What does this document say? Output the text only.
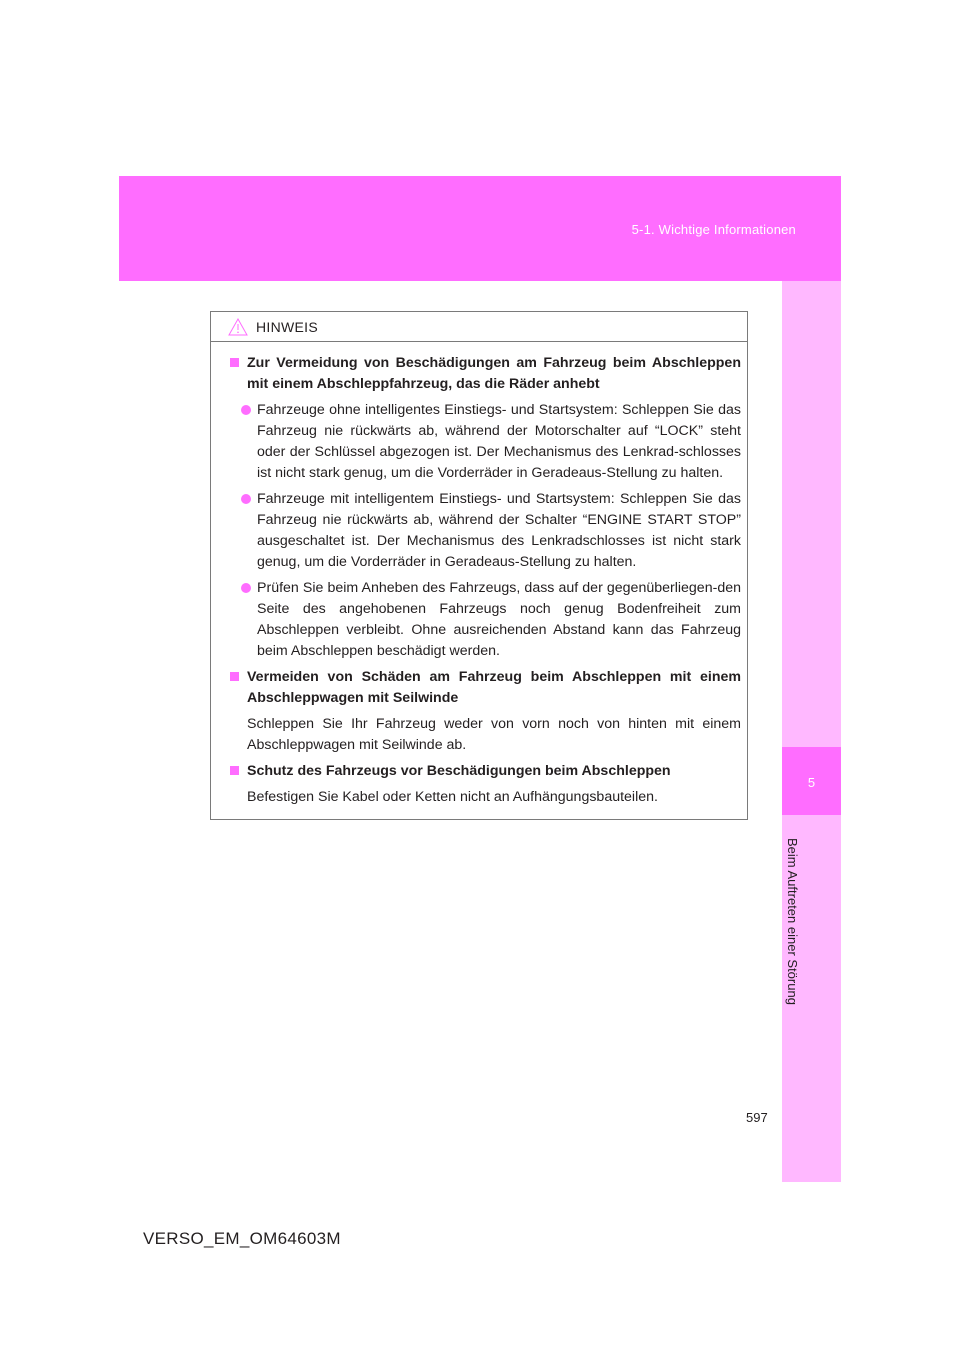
5-1. Wichtige Informationen
5
Beim Auftreten einer Störung
HINWEIS
Zur Vermeidung von Beschädigungen am Fahrzeug beim Abschleppen mit einem Abschleppfahrzeug, das die Räder anhebt
Fahrzeuge ohne intelligentes Einstiegs- und Startsystem: Schleppen Sie das Fahrzeug nie rückwärts ab, während der Motorschalter auf “LOCK” steht oder der Schlüssel abgezogen ist. Der Mechanismus des Lenkrad-schlosses ist nicht stark genug, um die Vorderräder in Geradeaus-Stellung zu halten.
Fahrzeuge mit intelligentem Einstiegs- und Startsystem: Schleppen Sie das Fahrzeug nie rückwärts ab, während der Schalter “ENGINE START STOP” ausgeschaltet ist. Der Mechanismus des Lenkradschlosses ist nicht stark genug, um die Vorderräder in Geradeaus-Stellung zu halten.
Prüfen Sie beim Anheben des Fahrzeugs, dass auf der gegenüberliegen-den Seite des angehobenen Fahrzeugs noch genug Bodenfreiheit zum Abschleppen verbleibt. Ohne ausreichenden Abstand kann das Fahrzeug beim Abschleppen beschädigt werden.
Vermeiden von Schäden am Fahrzeug beim Abschleppen mit einem Abschleppwagen mit Seilwinde
Schleppen Sie Ihr Fahrzeug weder von vorn noch von hinten mit einem Abschleppwagen mit Seilwinde ab.
Schutz des Fahrzeugs vor Beschädigungen beim Abschleppen
Befestigen Sie Kabel oder Ketten nicht an Aufhängungsbauteilen.
597
VERSO_EM_OM64603M
